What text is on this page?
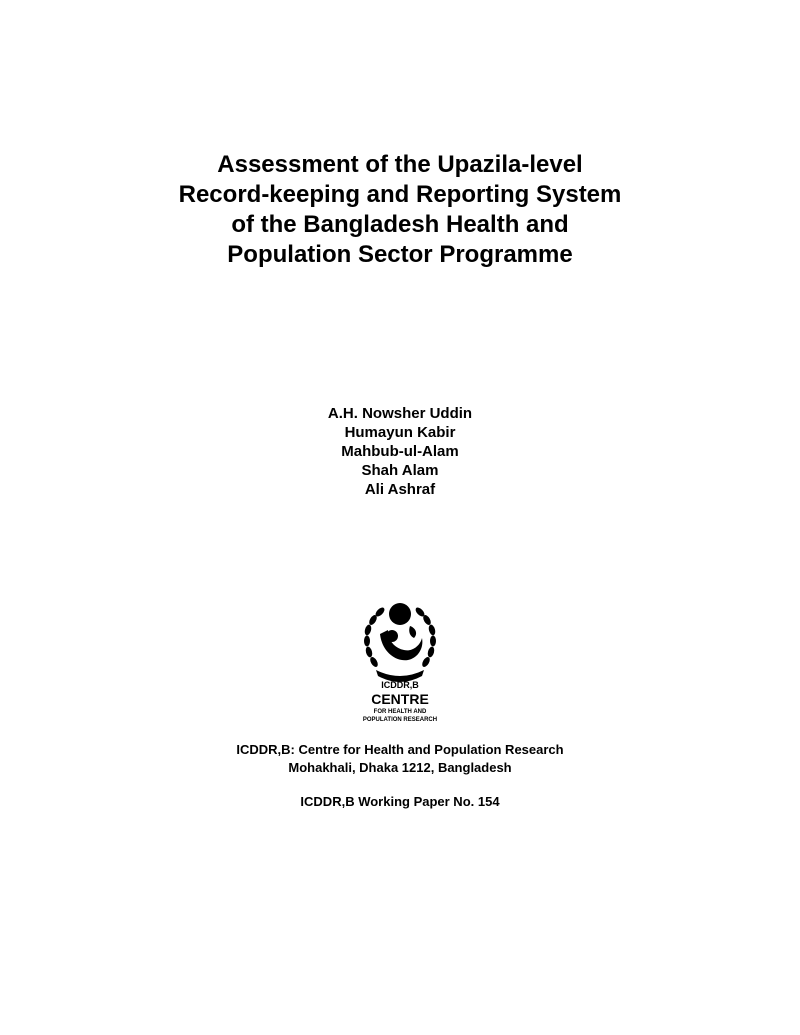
Assessment of the Upazila-level
Record-keeping and Reporting System
of the Bangladesh Health and
Population Sector Programme
A.H. Nowsher Uddin
Humayun Kabir
Mahbub-ul-Alam
Shah Alam
Ali Ashraf
ICDDR,B
CENTRE
FOR HEALTH AND
POPULATION RESEARCH
ICDDR,B: Centre for Health and Population Research
Mohakhali, Dhaka 1212, Bangladesh
ICDDR,B Working Paper No. 154
